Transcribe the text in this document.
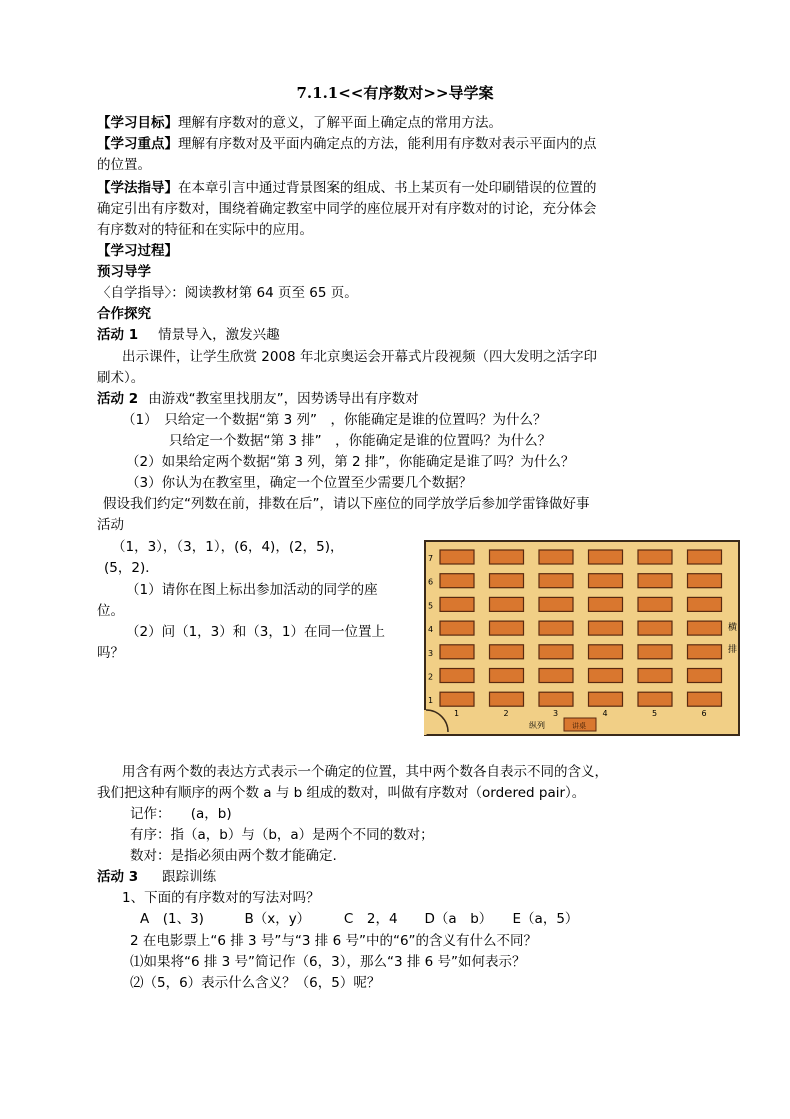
7.1.1<<有序数对>>导学案
【学习目标】理解有序数对的意义，了解平面上确定点的常用方法。
【学习重点】理解有序数对及平面内确定点的方法，能利用有序数对表示平面内的点
的位置。
【学法指导】在本章引言中通过背景图案的组成、书上某页有一处印刷错误的位置的
确定引出有序数对，围绕着确定教室中同学的座位展开对有序数对的讨论，充分体会
有序数对的特征和在实际中的应用。
【学习过程】
预习导学
〈自学指导〉：阅读教材第 64 页至 65 页。
合作探究
活动 1 情景导入，激发兴趣
出示课件，让学生欣赏 2008 年北京奥运会开幕式片段视频（四大发明之活字印
刷术）。
活动 2 由游戏“教室里找朋友”，因势诱导出有序数对
（1）　只给定一个数据“第 3 列”　，你能确定是谁的位置吗？为什么？
只给定一个数据“第 3 排”　，你能确定是谁的位置吗？为什么？
（2）如果给定两个数据“第 3 列，第 2 排”，你能确定是谁了吗？为什么？
（3）你认为在教室里，确定一个位置至少需要几个数据？
假设我们约定“列数在前，排数在后”，请以下座位的同学放学后参加学雷锋做好事
活动
（1，3），（3，1），(6，4)，(2，5)，
(5，2)．
（1）请你在图上标出参加活动的同学的座
位。
（2）问（1，3）和（3，1）在同一位置上
吗？
1
2
3
4
5
6
7
1	2	3	4	5	6
纵列	讲桌
横
排
用含有两个数的表达方式表示一个确定的位置，其中两个数各自表示不同的含义，
我们把这种有顺序的两个数 a 与 b 组成的数对，叫做有序数对（ordered pair）。
记作：　　(a，b)
有序：指（a，b）与（b，a）是两个不同的数对；
数对：是指必须由两个数才能确定.
活动 3 跟踪训练
1、下面的有序数对的写法对吗？
A　(1、3)　　　B（x，y）　　　C　2，4　　D（a　b）　　E（a，5）
2 在电影票上“6 排 3 号”与“3 排 6 号”中的“6”的含义有什么不同？
⑴如果将“6 排 3 号”简记作（6，3），那么“3 排 6 号”如何表示？
⑵（5，6）表示什么含义？（6，5）呢？
